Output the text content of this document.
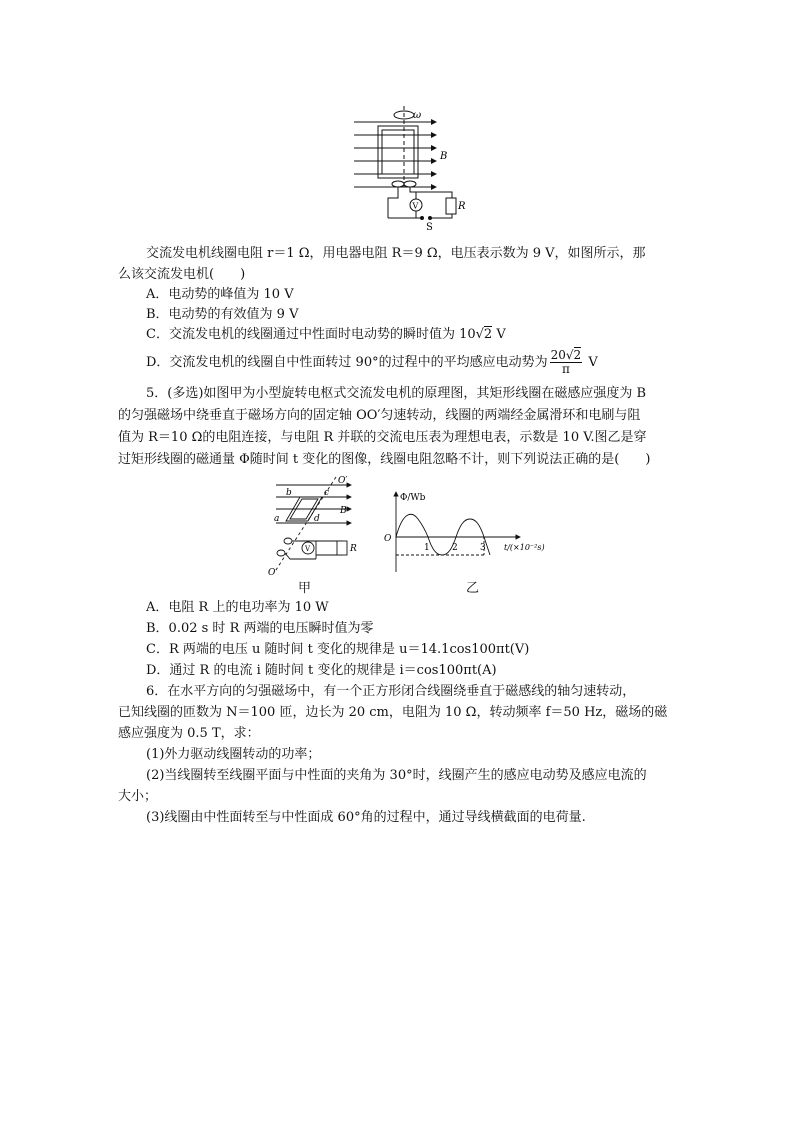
ω
B
V	R
S
交流发电机线圈电阻 r＝1 Ω，用电器电阻 R＝9 Ω，电压表示数为 9 V，如图所示，那
么该交流发电机(　　)
A．电动势的峰值为 10 V
B．电动势的有效值为 9 V
C．交流发电机的线圈通过中性面时电动势的瞬时值为 10√2 V
D．交流发电机的线圈自中性面转过 90°的过程中的平均感应电动势为 $\frac{20√2}{\pi}$ V
5．(多选)如图甲为小型旋转电枢式交流发电机的原理图，其矩形线圈在磁感应强度为 B
的匀强磁场中绕垂直于磁场方向的固定轴 OO′匀速转动，线圈的两端经金属滑环和电刷与阻
值为 R＝10 Ω的电阻连接，与电阻 R 并联的交流电压表为理想电表，示数是 10 V.图乙是穿
过矩形线圈的磁通量 Φ随时间 t 变化的图像，线圈电阻忽略不计，则下列说法正确的是(　　)
O′
b	c
a	d
B
V	R
O
甲
Φ/Wb
O
1 2 3 t/(×10⁻²s)
乙
A．电阻 R 上的电功率为 10 W
B．0.02 s 时 R 两端的电压瞬时值为零
C．R 两端的电压 u 随时间 t 变化的规律是 u＝14.1cos100πt(V)
D．通过 R 的电流 i 随时间 t 变化的规律是 i＝cos100πt(A)
6．在水平方向的匀强磁场中，有一个正方形闭合线圈绕垂直于磁感线的轴匀速转动，
已知线圈的匝数为 N＝100 匝，边长为 20 cm，电阻为 10 Ω，转动频率 f＝50 Hz，磁场的磁
感应强度为 0.5 T，求：
(1)外力驱动线圈转动的功率；
(2)当线圈转至线圈平面与中性面的夹角为 30°时，线圈产生的感应电动势及感应电流的
大小；
(3)线圈由中性面转至与中性面成 60°角的过程中，通过导线横截面的电荷量.
